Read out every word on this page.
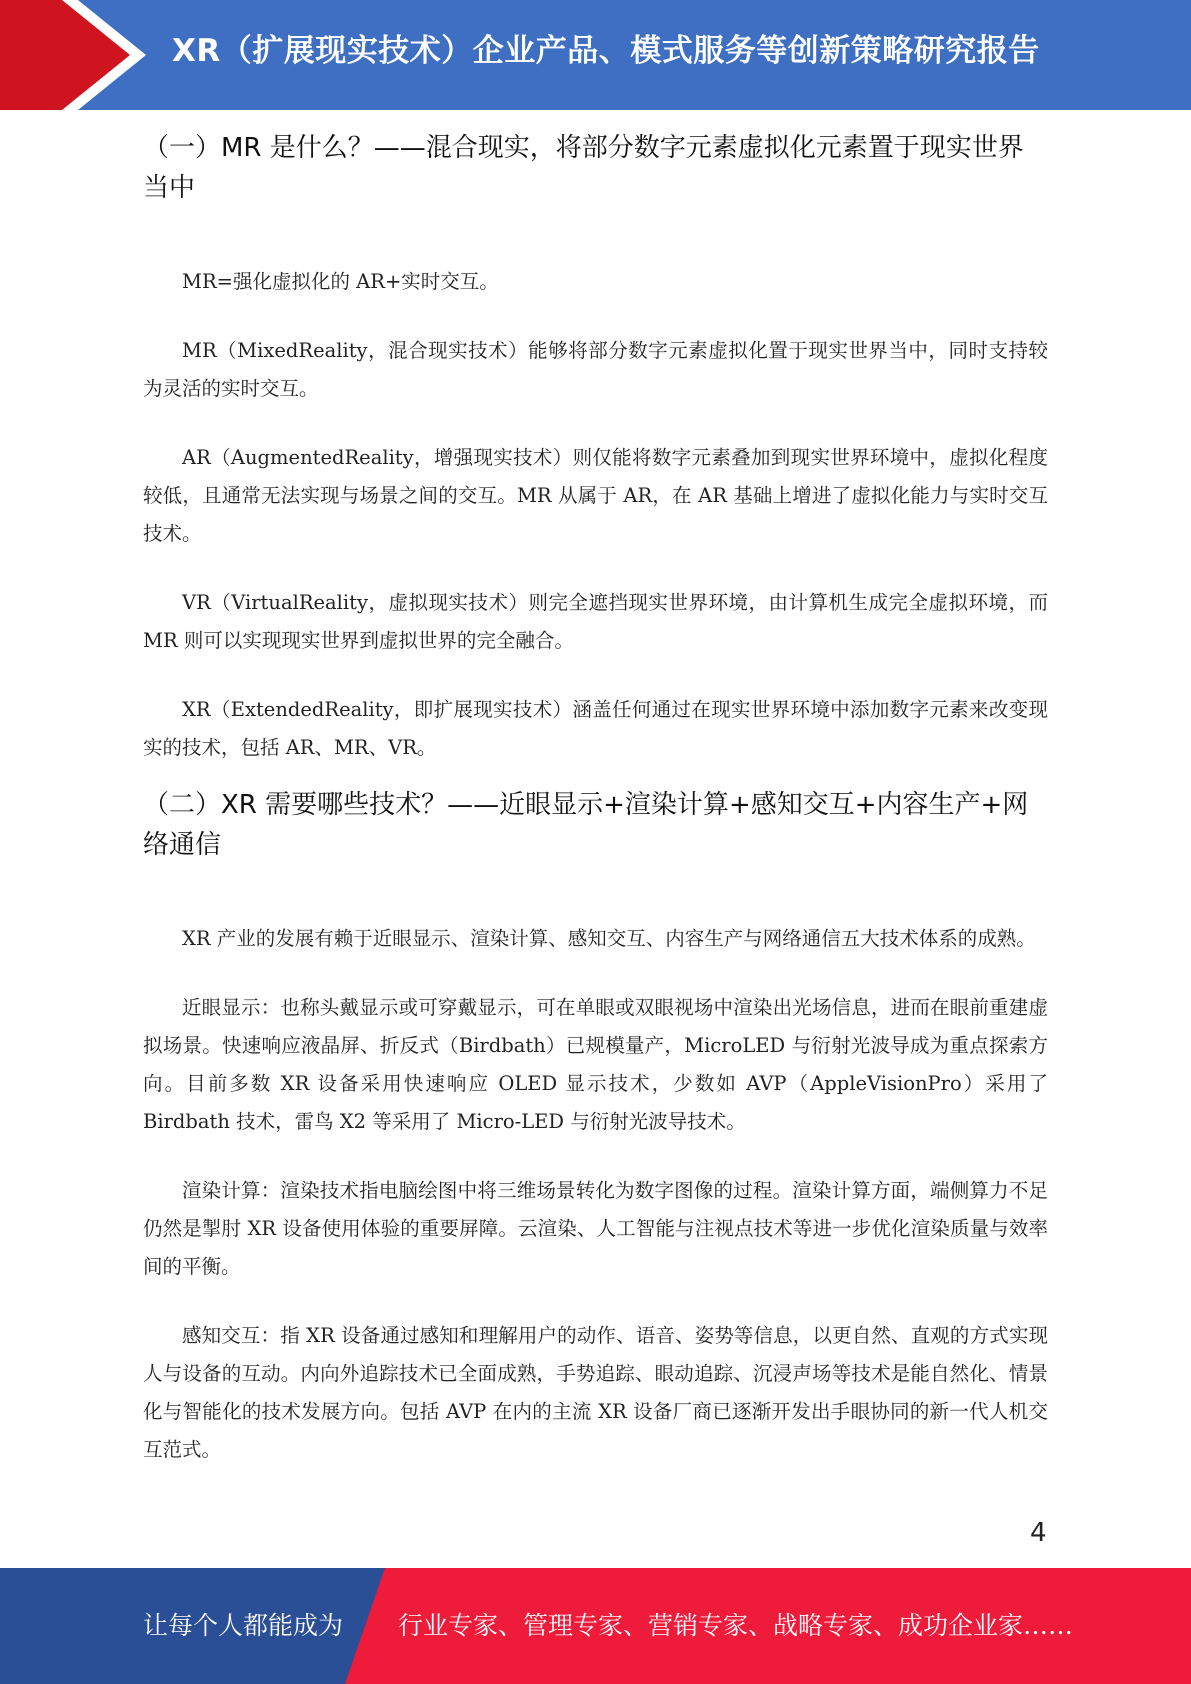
XR（扩展现实技术）企业产品、模式服务等创新策略研究报告
（一）MR 是什么？——混合现实，将部分数字元素虚拟化元素置于现实世界当中

MR=强化虚拟化的 AR+实时交互。

MR（MixedReality，混合现实技术）能够将部分数字元素虚拟化置于现实世界当中，同时支持较为灵活的实时交互。

AR（AugmentedReality，增强现实技术）则仅能将数字元素叠加到现实世界环境中，虚拟化程度较低，且通常无法实现与场景之间的交互。MR 从属于 AR，在 AR 基础上增进了虚拟化能力与实时交互技术。

VR（VirtualReality，虚拟现实技术）则完全遮挡现实世界环境，由计算机生成完全虚拟环境，而 MR 则可以实现现实世界到虚拟世界的完全融合。

XR（ExtendedReality，即扩展现实技术）涵盖任何通过在现实世界环境中添加数字元素来改变现实的技术，包括 AR、MR、VR。

（二）XR 需要哪些技术？——近眼显示+渲染计算+感知交互+内容生产+网络通信

XR 产业的发展有赖于近眼显示、渲染计算、感知交互、内容生产与网络通信五大技术体系的成熟。

近眼显示：也称头戴显示或可穿戴显示，可在单眼或双眼视场中渲染出光场信息，进而在眼前重建虚拟场景。快速响应液晶屏、折反式（Birdbath）已规模量产，MicroLED 与衍射光波导成为重点探索方向。目前多数 XR 设备采用快速响应 OLED 显示技术，少数如 AVP（AppleVisionPro）采用了 Birdbath 技术，雷鸟 X2 等采用了 Micro-LED 与衍射光波导技术。

渲染计算：渲染技术指电脑绘图中将三维场景转化为数字图像的过程。渲染计算方面，端侧算力不足仍然是掣肘 XR 设备使用体验的重要屏障。云渲染、人工智能与注视点技术等进一步优化渲染质量与效率间的平衡。

感知交互：指 XR 设备通过感知和理解用户的动作、语音、姿势等信息，以更自然、直观的方式实现人与设备的互动。内向外追踪技术已全面成熟，手势追踪、眼动追踪、沉浸声场等技术是能自然化、情景化与智能化的技术发展方向。包括 AVP 在内的主流 XR 设备厂商已逐渐开发出手眼协同的新一代人机交互范式。

4
让每个人都能成为 行业专家、管理专家、营销专家、战略专家、成功企业家……
